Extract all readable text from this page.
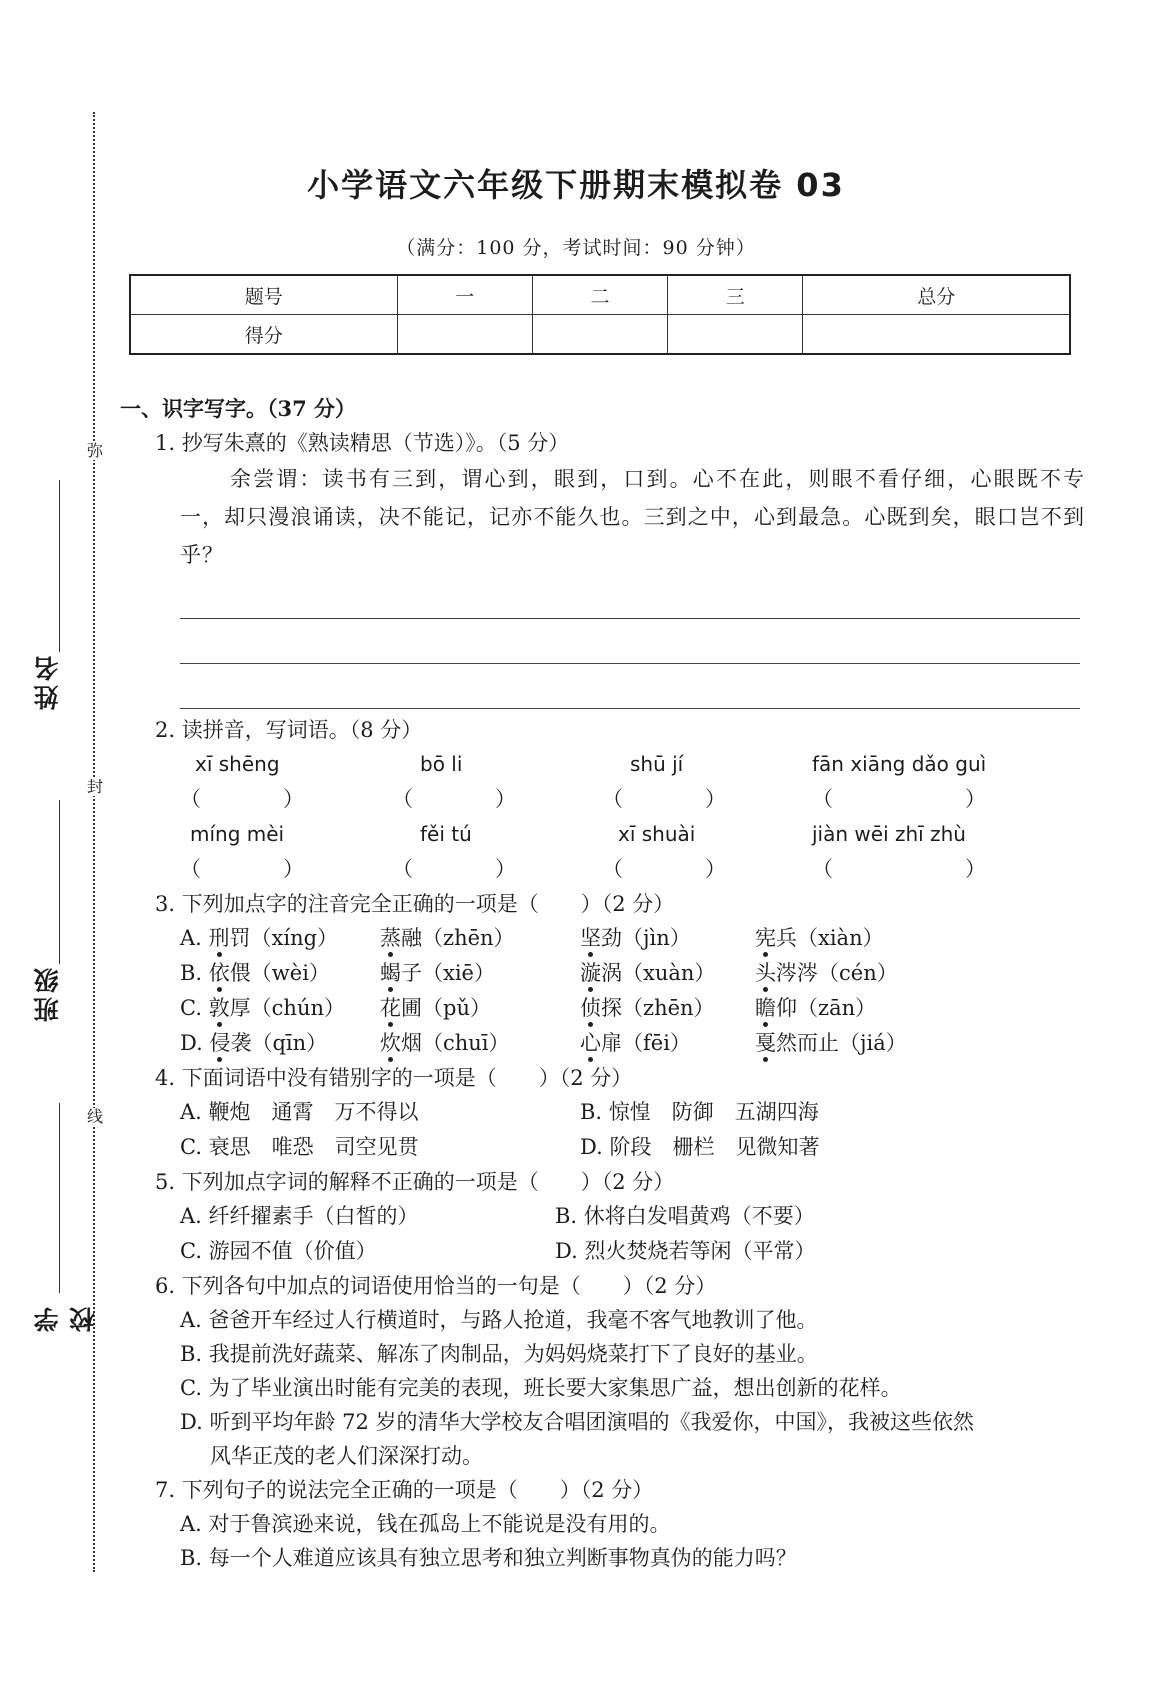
弥
封
线
姓名
班级
学校
小学语文六年级下册期末模拟卷 03
（满分：100 分，考试时间：90 分钟）
题号	一	二	三	总分
得分				
一、识字写字。（37 分）
1. 抄写朱熹的《熟读精思（节选）》。（5 分）
余尝谓：读书有三到，谓心到，眼到，口到。心不在此，则眼不看仔细，心眼既不专一，却只漫浪诵读，决不能记，记亦不能久也。三到之中，心到最急。心既到矣，眼口岂不到乎？
2. 读拼音，写词语。（8 分）
xī shēng	bō li	shū jí	fān xiāng dǎo guì
（	）	（	）	（	）	（	）
míng mèi	fěi tú	xī shuài	jiàn wēi zhī zhù
（	）	（	）	（	）	（	）
3. 下列加点字的注音完全正确的一项是（　　）（2 分）
A. 刑罚（xíng） 蒸融（zhēn）	坚劲（jìn）	宪兵（xiàn）
B. 依偎（wèi） 蝎子（xiē）	漩涡（xuàn） 头涔涔（cén）
C. 敦厚（chún） 花圃（pǔ）	侦探（zhēn） 瞻仰（zān）
D. 侵袭（qīn）	炊烟（chuī）	心扉（fēi）	戛然而止（jiá）
4. 下面词语中没有错别字的一项是（　　）（2 分）
A. 鞭炮　通霄　万不得以	B. 惊惶　防御　五湖四海
C. 衰思　唯恐　司空见贯	D. 阶段　栅栏　见微知著
5. 下列加点字词的解释不正确的一项是（　　）（2 分）
A. 纤纤擢素手（白皙的）	B. 休将白发唱黄鸡（不要）
C. 游园不值（价值）	D. 烈火焚烧若等闲（平常）
6. 下列各句中加点的词语使用恰当的一句是（　　）（2 分）
A. 爸爸开车经过人行横道时，与路人抢道，我毫不客气地教训了他。
B. 我提前洗好蔬菜、解冻了肉制品，为妈妈烧菜打下了良好的基业。
C. 为了毕业演出时能有完美的表现，班长要大家集思广益，想出创新的花样。
D. 听到平均年龄 72 岁的清华大学校友合唱团演唱的《我爱你，中国》，我被这些依然
风华正茂的老人们深深打动。
7. 下列句子的说法完全正确的一项是（　　）（2 分）
A. 对于鲁滨逊来说，钱在孤岛上不能说是没有用的。
B. 每一个人难道应该具有独立思考和独立判断事物真伪的能力吗？
